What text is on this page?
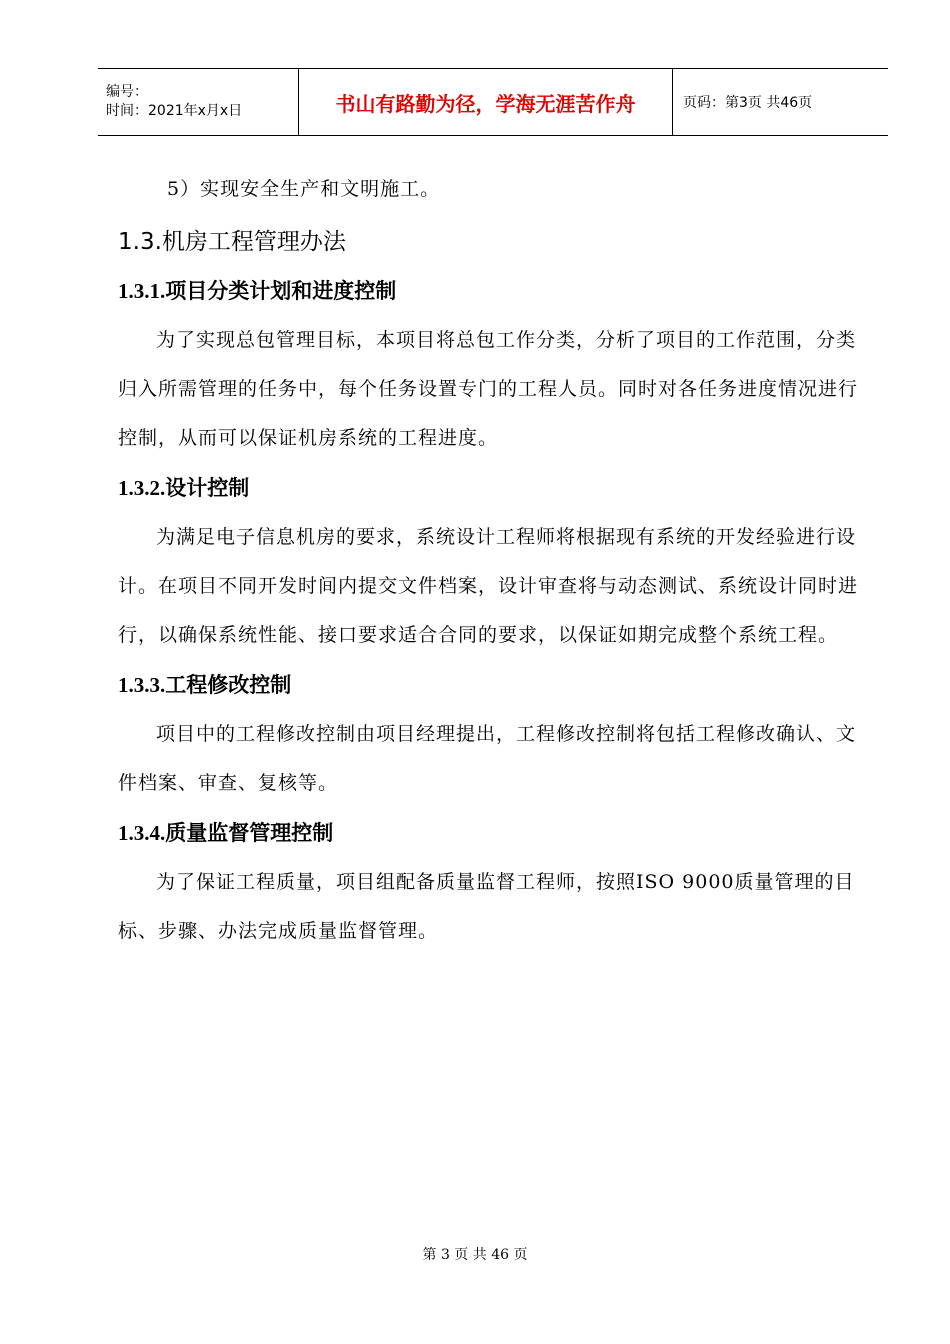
编号：
时间：2021年x月x日	书山有路勤为径，学海无涯苦作舟	页码：第3页 共46页

5）实现安全生产和文明施工。

1.3.机房工程管理办法
1.3.1.项目分类计划和进度控制

为了实现总包管理目标，本项目将总包工作分类，分析了项目的工作范围，分类归入所需管理的任务中，每个任务设置专门的工程人员。同时对各任务进度情况进行控制，从而可以保证机房系统的工程进度。

1.3.2.设计控制

为满足电子信息机房的要求，系统设计工程师将根据现有系统的开发经验进行设计。在项目不同开发时间内提交文件档案，设计审查将与动态测试、系统设计同时进行，以确保系统性能、接口要求适合合同的要求，以保证如期完成整个系统工程。

1.3.3.工程修改控制

项目中的工程修改控制由项目经理提出，工程修改控制将包括工程修改确认、文件档案、审查、复核等。

1.3.4.质量监督管理控制

为了保证工程质量，项目组配备质量监督工程师，按照ISO 9000质量管理的目标、步骤、办法完成质量监督管理。

第 3 页 共 46 页
